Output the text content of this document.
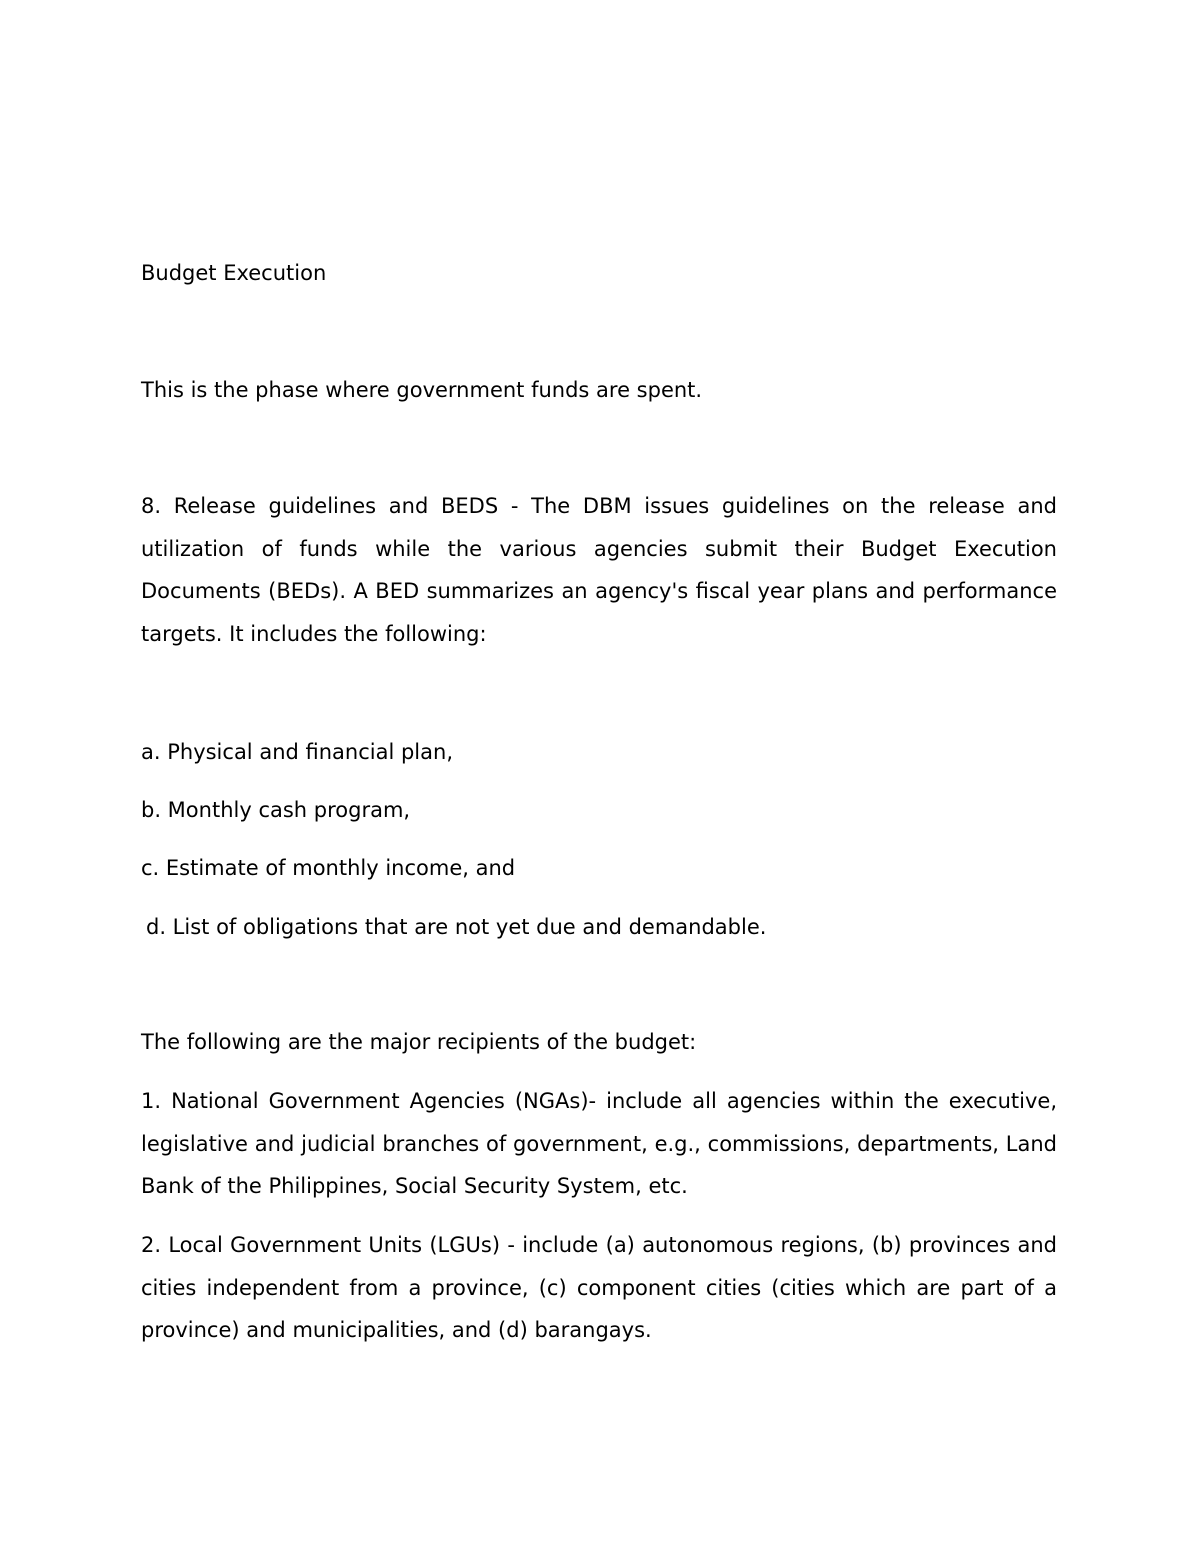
Budget Execution

This is the phase where government funds are spent.

8. Release guidelines and BEDS - The DBM issues guidelines on the release and utilization of funds while the various agencies submit their Budget Execution Documents (BEDs). A BED summarizes an agency's fiscal year plans and performance targets. It includes the following:

a. Physical and financial plan,

b. Monthly cash program,

c. Estimate of monthly income, and

d. List of obligations that are not yet due and demandable.

The following are the major recipients of the budget:

1. National Government Agencies (NGAs)- include all agencies within the executive, legislative and judicial branches of government, e.g., commissions, departments, Land Bank of the Philippines, Social Security System, etc.

2. Local Government Units (LGUs) - include (a) autonomous regions, (b) provinces and cities independent from a province, (c) component cities (cities which are part of a province) and municipalities, and (d) barangays.
